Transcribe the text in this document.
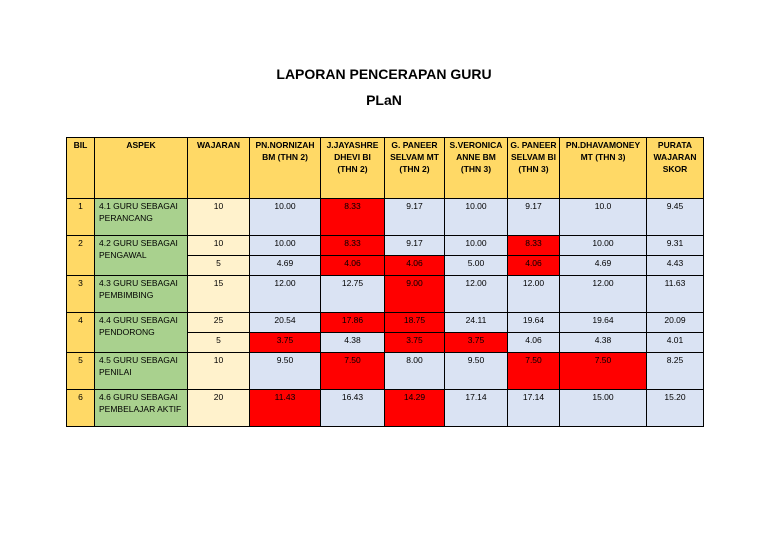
LAPORAN PENCERAPAN GURU
PLaN
BIL	ASPEK	WAJARAN	PN.NORNIZAH BM (THN 2)	J.JAYASHRE DHEVI BI (THN 2)	G. PANEER SELVAM MT (THN 2)	S.VERONICA ANNE BM (THN 3)	G. PANEER SELVAM BI (THN 3)	PN.DHAVAMONEY MT (THN 3)	PURATA WAJARAN SKOR
1	4.1 GURU SEBAGAI PERANCANG	10	10.00	8.33	9.17	10.00	9.17	10.0	9.45
2	4.2 GURU SEBAGAI PENGAWAL	10	10.00	8.33	9.17	10.00	8.33	10.00	9.31
		5	4.69	4.06	4.06	5.00	4.06	4.69	4.43
3	4.3 GURU SEBAGAI PEMBIMBING	15	12.00	12.75	9.00	12.00	12.00	12.00	11.63
4	4.4 GURU SEBAGAI PENDORONG	25	20.54	17.86	18.75	24.11	19.64	19.64	20.09
		5	3.75	4.38	3.75	3.75	4.06	4.38	4.01
5	4.5 GURU SEBAGAI PENILAI	10	9.50	7.50	8.00	9.50	7.50	7.50	8.25
6	4.6 GURU SEBAGAI PEMBELAJAR AKTIF	20	11.43	16.43	14.29	17.14	17.14	15.00	15.20
